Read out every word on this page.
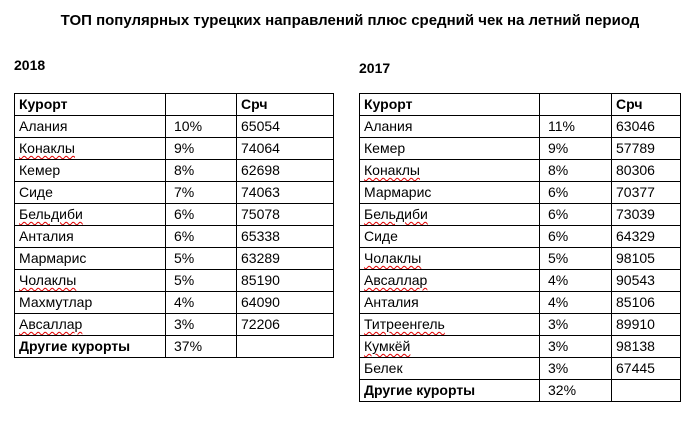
ТОП популярных турецких направлений плюс средний чек на летний период
2018	2017
Курорт		Срч
Алания	10%	65054
Конаклы	9%	74064
Кемер	8%	62698
Сиде	7%	74063
Бельдиби	6%	75078
Анталия	6%	65338
Мармарис	5%	63289
Чолаклы	5%	85190
Махмутлар	4%	64090
Авсаллар	3%	72206
Другие курорты	37%	
Курорт		Срч
Алания	11%	63046
Кемер	9%	57789
Конаклы	8%	80306
Мармарис	6%	70377
Бельдиби	6%	73039
Сиде	6%	64329
Чолаклы	5%	98105
Авсаллар	4%	90543
Анталия	4%	85106
Титреенгель	3%	89910
Кумкёй	3%	98138
Белек	3%	67445
Другие курорты	32%	
